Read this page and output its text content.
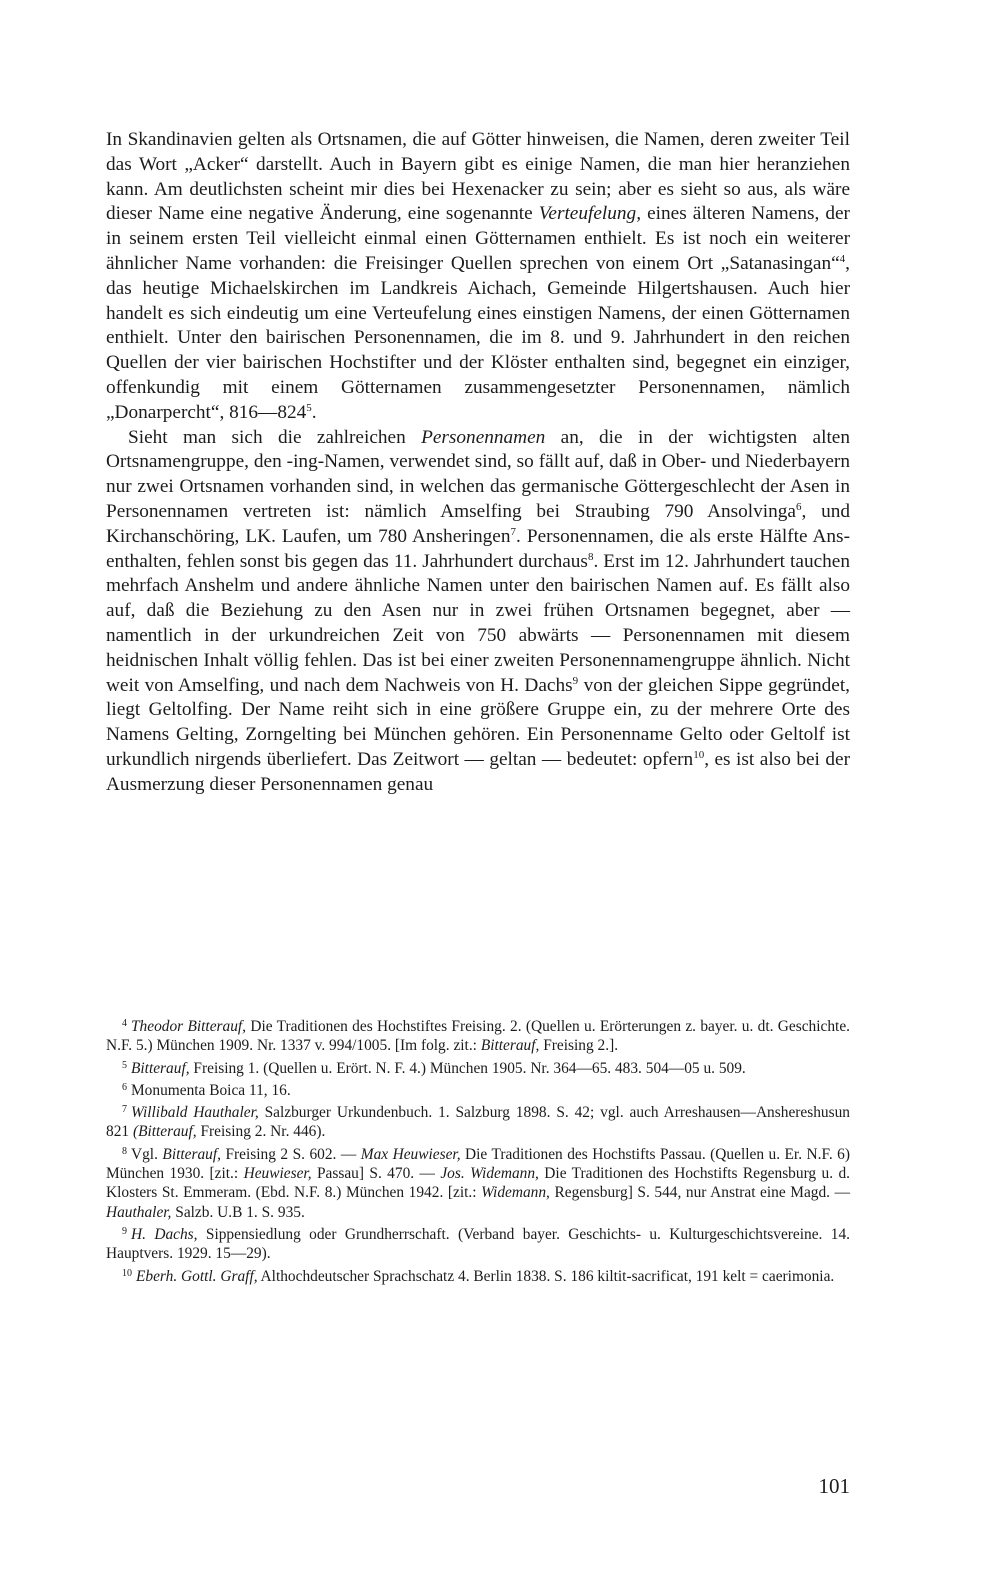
In Skandinavien gelten als Ortsnamen, die auf Götter hinweisen, die Namen, deren zweiter Teil das Wort „Acker“ darstellt. Auch in Bayern gibt es einige Namen, die man hier heranziehen kann. Am deutlichsten scheint mir dies bei Hexenacker zu sein; aber es sieht so aus, als wäre dieser Name eine negative Änderung, eine sogenannte Verteufelung, eines älteren Namens, der in seinem ersten Teil vielleicht einmal einen Götternamen enthielt. Es ist noch ein weiterer ähnlicher Name vorhanden: die Freisinger Quellen sprechen von einem Ort „Satanasingan“$^4$, das heutige Michaelskirchen im Landkreis Aichach, Gemeinde Hilgertshausen. Auch hier handelt es sich eindeutig um eine Verteufelung eines einstigen Namens, der einen Götternamen enthielt. Unter den bairischen Personennamen, die im 8. und 9. Jahrhundert in den reichen Quellen der vier bairischen Hochstifter und der Klöster enthalten sind, begegnet ein einziger, offenkundig mit einem Götternamen zusammengesetzter Personennamen, nämlich „Donarpercht“, $816—824^5$.

Sieht man sich die zahlreichen Personennamen an, die in der wichtigsten alten Ortsnamengruppe, den -ing-Namen, verwendet sind, so fällt auf, daß in Ober- und Niederbayern nur zwei Ortsnamen vorhanden sind, in welchen das germanische Göttergeschlecht der Asen in Personennamen vertreten ist: nämlich Amselfing bei Straubing 790 Ansolvinga$^6$, und Kirchanschöring, LK. Laufen, um 780 Ansheringen$^7$. Personennamen, die als erste Hälfte Ans- enthalten, fehlen sonst bis gegen das 11. Jahrhundert durchaus$^8$. Erst im 12. Jahrhundert tauchen mehrfach Anshelm und andere ähnliche Namen unter den bairischen Namen auf. Es fällt also auf, daß die Beziehung zu den Asen nur in zwei frühen Ortsnamen begegnet, aber — namentlich in der urkundreichen Zeit von 750 abwärts — Personennamen mit diesem heidnischen Inhalt völlig fehlen. Das ist bei einer zweiten Personennamengruppe ähnlich. Nicht weit von Amselfing, und nach dem Nachweis von H. Dachs$^9$ von der gleichen Sippe gegründet, liegt Geltolfing. Der Name reiht sich in eine größere Gruppe ein, zu der mehrere Orte des Namens Gelting, Zorngelting bei München gehören. Ein Personenname Gelto oder Geltolf ist urkundlich nirgends überliefert. Das Zeitwort — geltan — bedeutet: opfern$^{10}$, es ist also bei der Ausmerzung dieser Personennamen genau

$^4$ Theodor Bitterauf, Die Traditionen des Hochstiftes Freising. 2. (Quellen u. Erörterungen z. bayer. u. dt. Geschichte. N.F. 5.) München 1909. Nr. 1337 v. 994/1005. [Im folg. zit.: Bitterauf, Freising 2.].
$^5$ Bitterauf, Freising 1. (Quellen u. Erört. N. F. 4.) München 1905. Nr. 364—65. 483. 504—05 u. 509.
$^6$ Monumenta Boica 11, 16.
$^7$ Willibald Hauthaler, Salzburger Urkundenbuch. 1. Salzburg 1898. S. 42; vgl. auch Arreshausen—Anshereshusun 821 (Bitterauf, Freising 2. Nr. 446).
$^8$ Vgl. Bitterauf, Freising 2 S. 602. — Max Heuwieser, Die Traditionen des Hochstifts Passau. (Quellen u. Er. N.F. 6) München 1930. [zit.: Heuwieser, Passau] S. 470. — Jos. Widemann, Die Traditionen des Hochstifts Regensburg u. d. Klosters St. Emmeram. (Ebd. N.F. 8.) München 1942. [zit.: Widemann, Regensburg] S. 544, nur Anstrat eine Magd. — Hauthaler, Salzb. U.B 1. S. 935.
$^9$ H. Dachs, Sippensiedlung oder Grundherrschaft. (Verband bayer. Geschichts- u. Kulturgeschichtsvereine. 14. Hauptvers. 1929. 15—29).
$^{10}$ Eberh. Gottl. Graff, Althochdeutscher Sprachschatz 4. Berlin 1838. S. 186 kiltit-sacrificat, 191 kelt = caerimonia.
101
